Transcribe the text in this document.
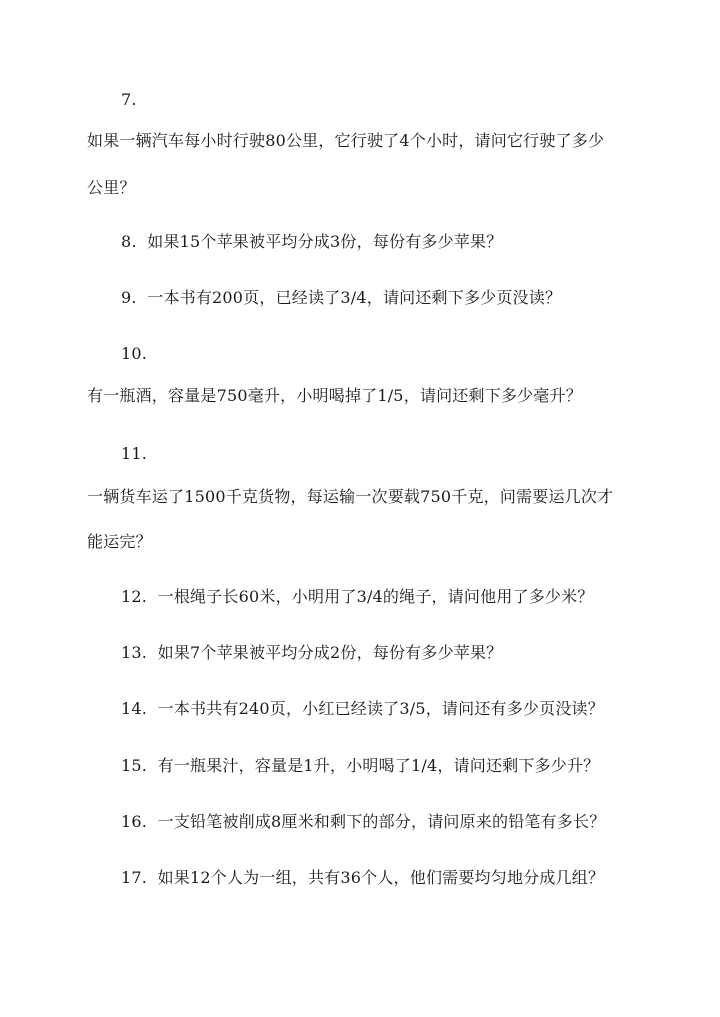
7.
如果一辆汽车每小时行驶80公里，它行驶了4个小时，请问它行驶了多少
公里？
8. 如果15个苹果被平均分成3份，每份有多少苹果？
9. 一本书有200页，已经读了3/4，请问还剩下多少页没读？
10.
有一瓶酒，容量是750毫升，小明喝掉了1/5，请问还剩下多少毫升？
11.
一辆货车运了1500千克货物，每运输一次要载750千克，问需要运几次才
能运完？
12. 一根绳子长60米，小明用了3/4的绳子，请问他用了多少米？
13. 如果7个苹果被平均分成2份，每份有多少苹果？
14. 一本书共有240页，小红已经读了3/5，请问还有多少页没读？
15. 有一瓶果汁，容量是1升，小明喝了1/4，请问还剩下多少升？
16. 一支铅笔被削成8厘米和剩下的部分，请问原来的铅笔有多长？
17. 如果12个人为一组，共有36个人，他们需要均匀地分成几组？
